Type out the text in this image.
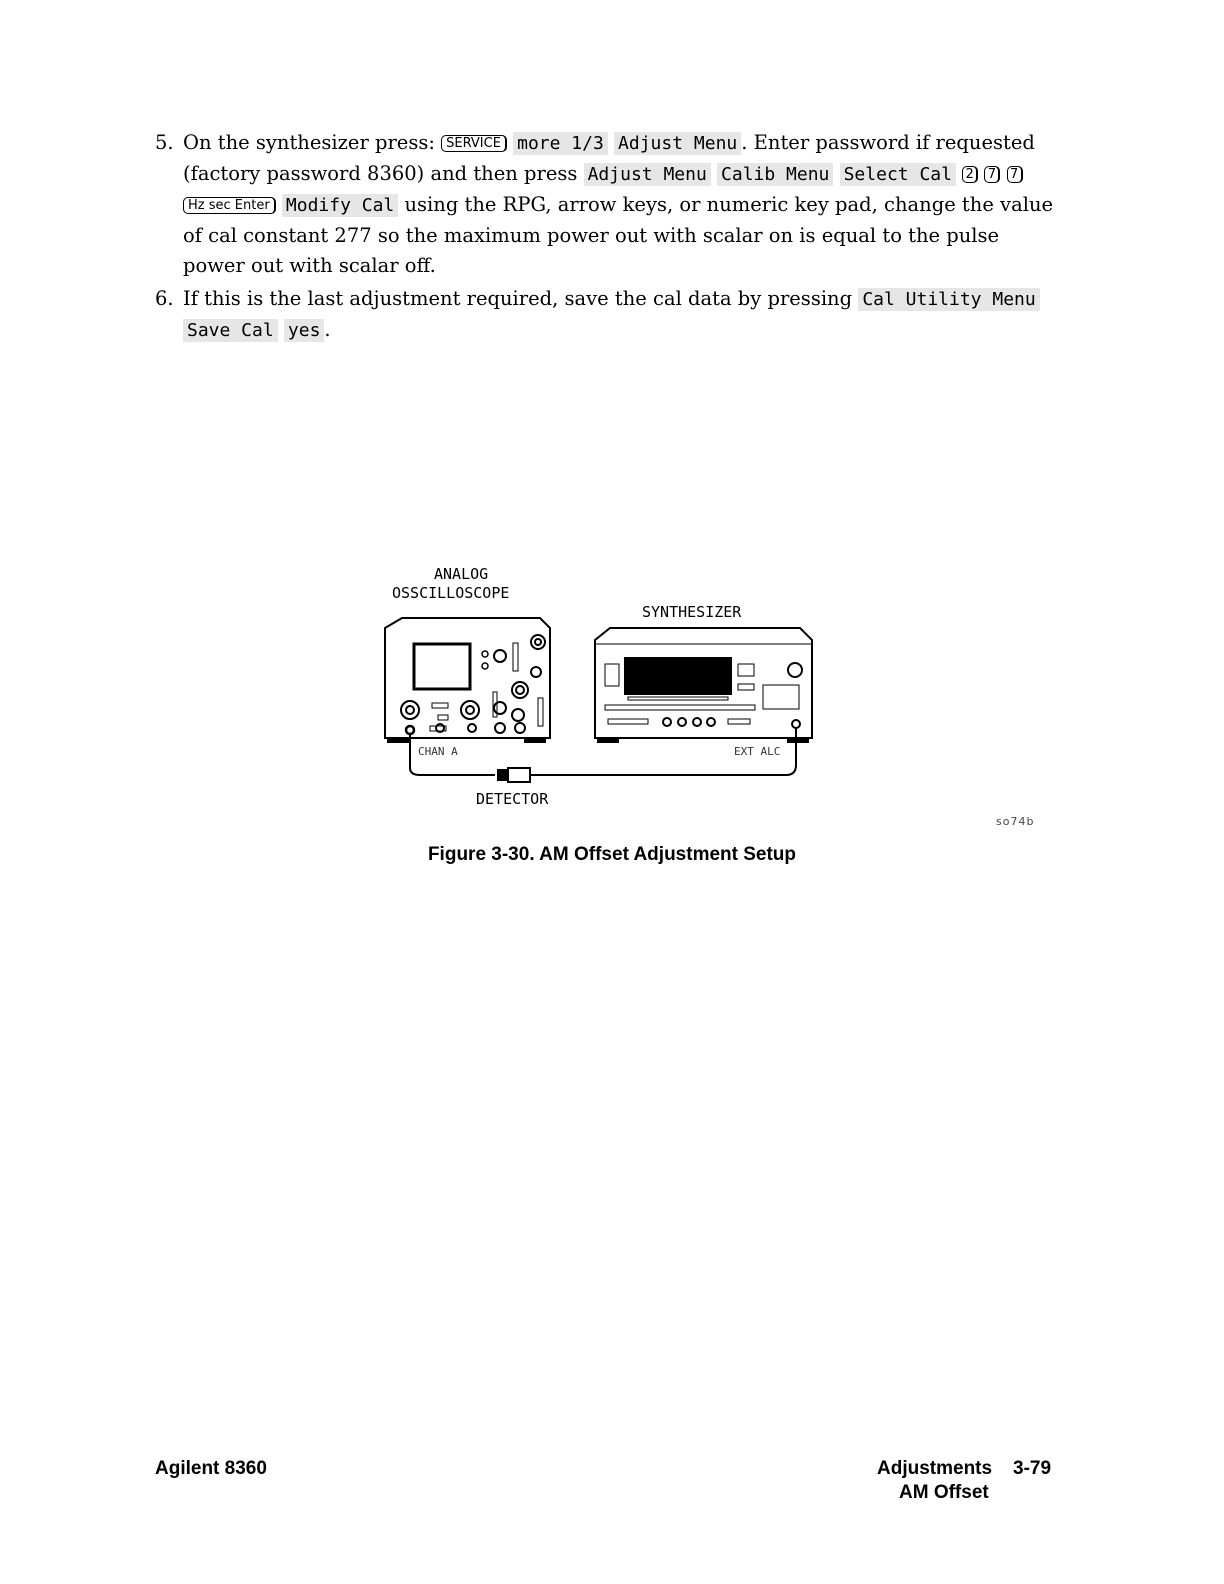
5. On the synthesizer press: SERVICE more 1/3 Adjust Menu . Enter password if requested (factory password 8360) and then press Adjust Menu Calib Menu Select Cal 2 7 7 Hz sec Enter Modify Cal using the RPG, arrow keys, or numeric key pad, change the value of cal constant 277 so the maximum power out with scalar on is equal to the pulse power out with scalar off.
6. If this is the last adjustment required, save the cal data by pressing Cal Utility Menu Save Cal yes .
ANALOG
OSSCILLOSCOPE
SYNTHESIZER
CHAN A	EXT ALC
DETECTOR
so74b
Figure 3-30. AM Offset Adjustment Setup
Agilent 8360	Adjustments 3-79
AM Offset
